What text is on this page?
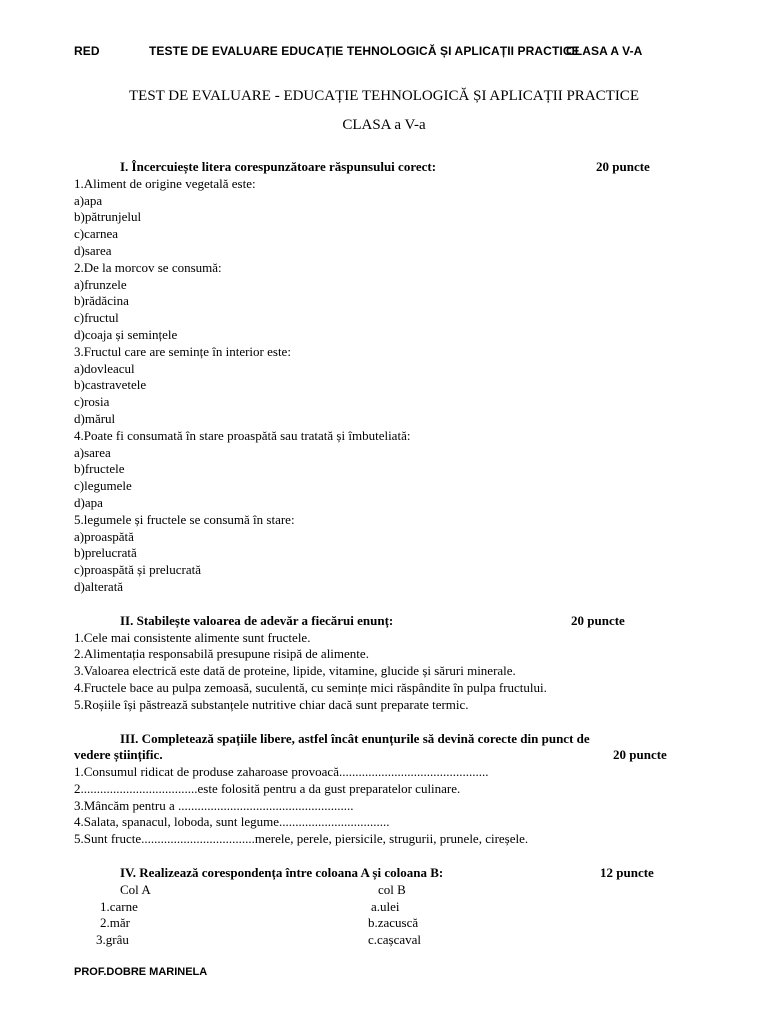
RED	TESTE DE EVALUARE EDUCAȚIE TEHNOLOGICĂ ȘI APLICAȚII PRACTICE
CLASA A V-A
TEST DE EVALUARE - EDUCAȚIE TEHNOLOGICĂ ȘI APLICAȚII PRACTICE
CLASA a V-a
I. Încercuiește litera corespunzătoare răspunsului corect:	20 puncte
1.Aliment de origine vegetală este:
a)apa
b)pătrunjelul
c)carnea
d)sarea
2.De la morcov se consumă:
a)frunzele
b)rădăcina
c)fructul
d)coaja și semințele
3.Fructul care are semințe în interior este:
a)dovleacul
b)castravetele
c)rosia
d)mărul
4.Poate fi consumată în stare proaspătă sau tratată și îmbuteliată:
a)sarea
b)fructele
c)legumele
d)apa
5.legumele și fructele se consumă în stare:
a)proaspătă
b)prelucrată
c)proaspătă și prelucrată
d)alterată
II. Stabilește valoarea de adevăr a fiecărui enunț:	20 puncte
1.Cele mai consistente alimente sunt fructele.
2.Alimentația responsabilă presupune risipă de alimente.
3.Valoarea electrică este dată de proteine, lipide, vitamine, glucide și săruri minerale.
4.Fructele bace au pulpa zemoasă, suculentă, cu semințe mici răspândite în pulpa fructului.
5.Roșiile își păstrează substanțele nutritive chiar dacă sunt preparate termic.
III. Completează spațiile libere, astfel încât enunțurile să devină corecte din punct de
vedere științific.	20 puncte
1.Consumul ridicat de produse zaharoase provoacă..............................................
2....................................este folosită pentru a da gust preparatelor culinare.
3.Mâncăm pentru a ......................................................
4.Salata, spanacul, loboda, sunt legume..................................
5.Sunt fructe...................................merele, perele, piersicile, strugurii, prunele, cireșele.
IV. Realizează corespondența între coloana A și coloana B:	12 puncte
Col A	col B
1.carne	a.ulei
2.măr	b.zacuscă
3.grâu	c.cașcaval
PROF.DOBRE MARINELA
